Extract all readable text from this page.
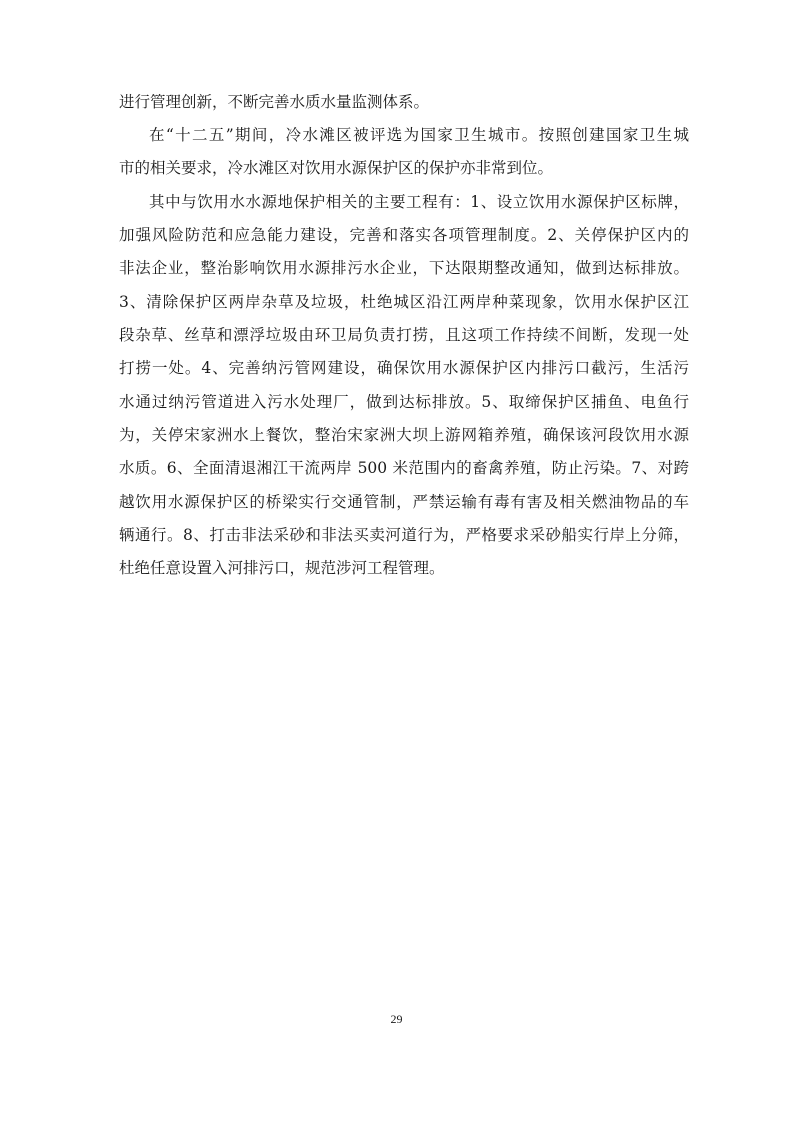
进行管理创新，不断完善水质水量监测体系。
在“十二五”期间，冷水滩区被评选为国家卫生城市。按照创建国家卫生城
市的相关要求，冷水滩区对饮用水源保护区的保护亦非常到位。
其中与饮用水水源地保护相关的主要工程有：1、设立饮用水源保护区标牌，
加强风险防范和应急能力建设，完善和落实各项管理制度。2、关停保护区内的
非法企业，整治影响饮用水源排污水企业，下达限期整改通知，做到达标排放。
3、清除保护区两岸杂草及垃圾，杜绝城区沿江两岸种菜现象，饮用水保护区江
段杂草、丝草和漂浮垃圾由环卫局负责打捞，且这项工作持续不间断，发现一处
打捞一处。4、完善纳污管网建设，确保饮用水源保护区内排污口截污，生活污
水通过纳污管道进入污水处理厂，做到达标排放。5、取缔保护区捕鱼、电鱼行
为，关停宋家洲水上餐饮，整治宋家洲大坝上游网箱养殖，确保该河段饮用水源
水质。6、全面清退湘江干流两岸 500 米范围内的畜禽养殖，防止污染。7、对跨
越饮用水源保护区的桥梁实行交通管制，严禁运输有毒有害及相关燃油物品的车
辆通行。8、打击非法采砂和非法买卖河道行为，严格要求采砂船实行岸上分筛，
杜绝任意设置入河排污口，规范涉河工程管理。
29
